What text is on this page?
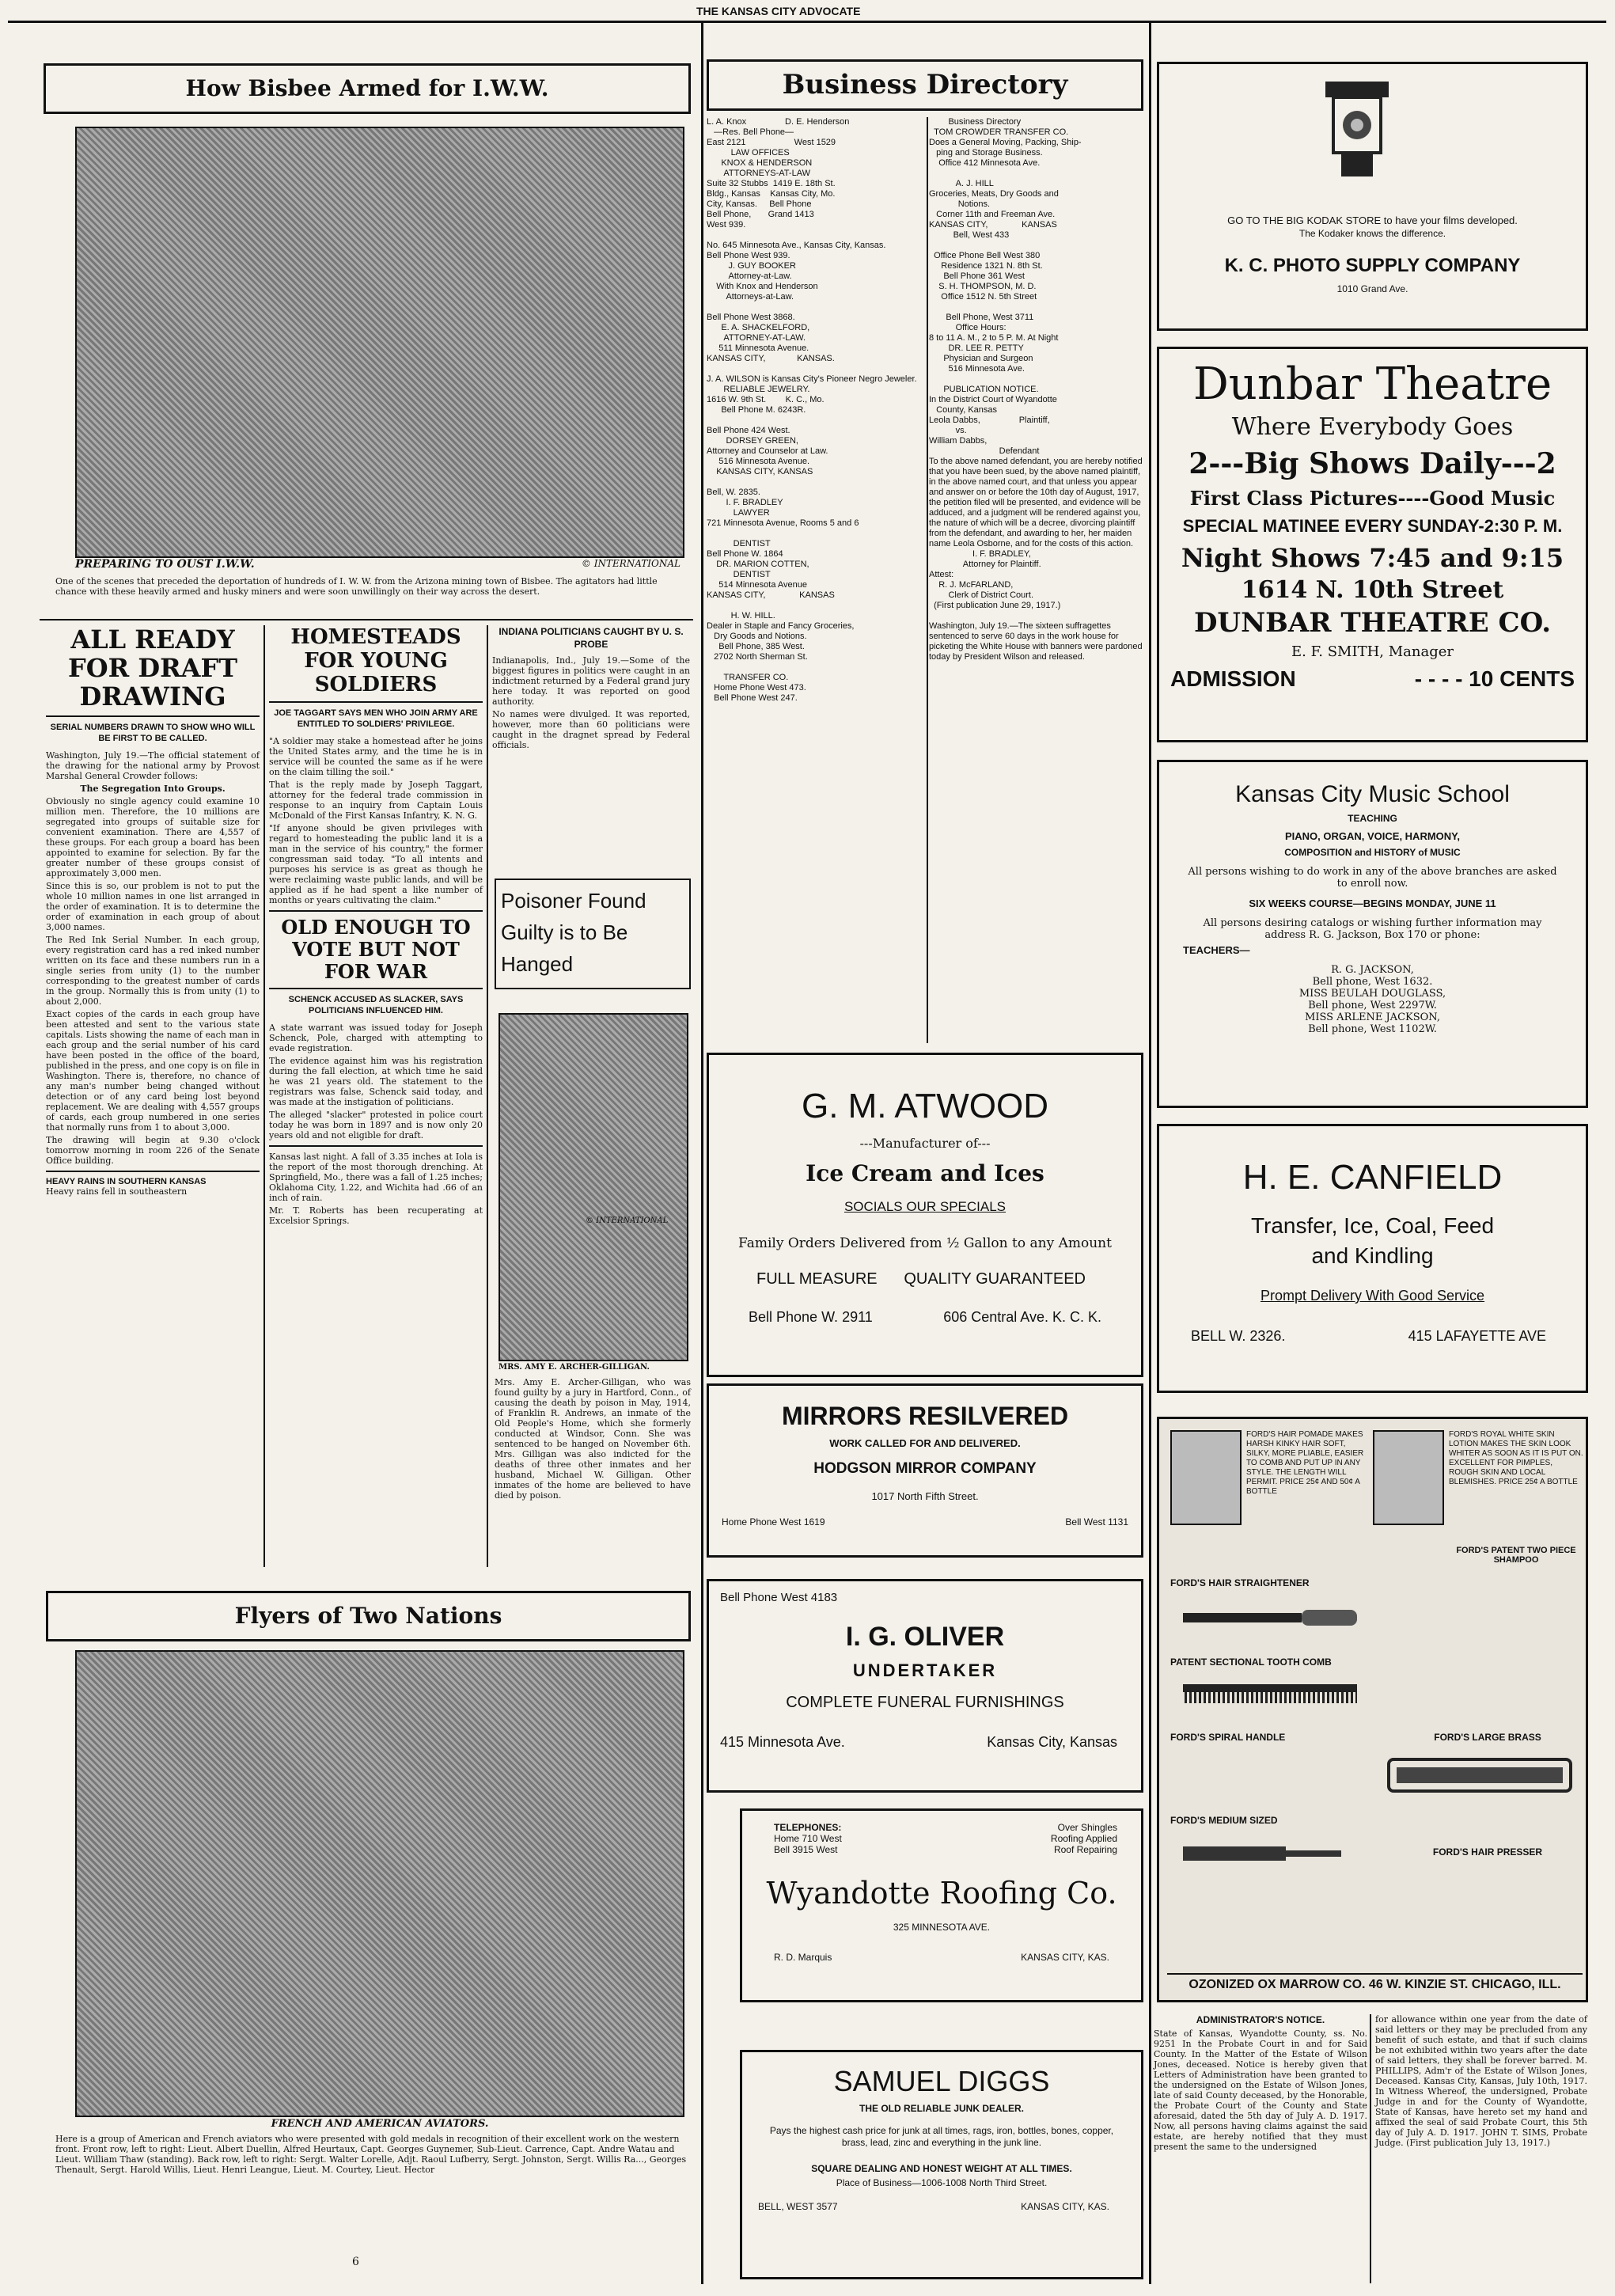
THE KANSAS CITY ADVOCATE
How Bisbee Armed for I.W.W.
PREPARING TO OUST I.W.W.	© INTERNATIONAL
One of the scenes that preceded the deportation of hundreds of I. W. W. from the Arizona mining town of Bisbee. The agitators had little chance with these heavily armed and husky miners and were soon unwillingly on their way across the desert.
ALL READY FOR DRAFT DRAWING
SERIAL NUMBERS DRAWN TO SHOW WHO WILL BE FIRST TO BE CALLED.

Washington, July 19.—The official statement of the drawing for the national army by Provost Marshal General Crowder follows:

The Segregation Into Groups.

Obviously no single agency could examine 10 million men. Therefore, the 10 millions are segregated into groups of suitable size for convenient examination. There are 4,557 of these groups. For each group a board has been appointed to examine for selection. By far the greater number of these groups consist of approximately 3,000 men.

Since this is so, our problem is not to put the whole 10 million names in one list arranged in the order of examination. It is to determine the order of examination in each group of about 3,000 names.

The Red Ink Serial Number. In each group, every registration card has a red inked number written on its face and these numbers run in a single series from unity (1) to the number corresponding to the greatest number of cards in the group. Normally this is from unity (1) to about 2,000.

Exact copies of the cards in each group have been attested and sent to the various state capitals. Lists showing the name of each man in each group and the serial number of his card have been posted in the office of the board, published in the press, and one copy is on file in Washington. There is, therefore, no chance of any man's number being changed without detection or of any card being lost beyond replacement. We are dealing with 4,557 groups of cards, each group numbered in one series that normally runs from 1 to about 3,000.

The drawing will begin at 9.30 o'clock tomorrow morning in room 226 of the Senate Office building.

HEAVY RAINS IN SOUTHERN KANSAS

Heavy rains fell in southeastern

HOMESTEADS FOR YOUNG SOLDIERS
JOE TAGGART SAYS MEN WHO JOIN ARMY ARE ENTITLED TO SOLDIERS' PRIVILEGE.

"A soldier may stake a homestead after he joins the United States army, and the time he is in service will be counted the same as if he were on the claim tilling the soil."

That is the reply made by Joseph Taggart, attorney for the federal trade commission in response to an inquiry from Captain Louis McDonald of the First Kansas Infantry, K. N. G.

"If anyone should be given privileges with regard to homesteading the public land it is a man in the service of his country," the former congressman said today. "To all intents and purposes his service is as great as though he were reclaiming waste public lands, and will be applied as if he had spent a like number of months or years cultivating the claim."

OLD ENOUGH TO VOTE BUT NOT FOR WAR
SCHENCK ACCUSED AS SLACKER, SAYS POLITICIANS INFLUENCED HIM.

A state warrant was issued today for Joseph Schenck, Pole, charged with attempting to evade registration.

The evidence against him was his registration during the fall election, at which time he said he was 21 years old. The statement to the registrars was false, Schenck said today, and was made at the instigation of politicians.

The alleged "slacker" protested in police court today he was born in 1897 and is now only 20 years old and not eligible for draft.

Kansas last night. A fall of 3.35 inches at Iola is the report of the most thorough drenching. At Springfield, Mo., there was a fall of 1.25 inches; Oklahoma City, 1.22, and Wichita had .66 of an inch of rain.

Mr. T. Roberts has been recuperating at Excelsior Springs.

INDIANA POLITICIANS CAUGHT BY U. S. PROBE

Indianapolis, Ind., July 19.—Some of the biggest figures in politics were caught in an indictment returned by a Federal grand jury here today. It was reported on good authority.

No names were divulged. It was reported, however, more than 60 politicians were caught in the dragnet spread by Federal officials.

Poisoner Found Guilty is to Be Hanged
© INTERNATIONAL
MRS. AMY E. ARCHER-GILLIGAN.
Mrs. Amy E. Archer-Gilligan, who was found guilty by a jury in Hartford, Conn., of causing the death by poison in May, 1914, of Franklin R. Andrews, an inmate of the Old People's Home, which she formerly conducted at Windsor, Conn. She was sentenced to be hanged on November 6th. Mrs. Gilligan was also indicted for the deaths of three other inmates and her husband, Michael W. Gilligan. Other inmates of the home are believed to have died by poison.
Flyers of Two Nations
FRENCH AND AMERICAN AVIATORS.
Here is a group of American and French aviators who were presented with gold medals in recognition of their excellent work on the western front. Front row, left to right: Lieut. Albert Duellin, Alfred Heurtaux, Capt. Georges Guynemer, Sub-Lieut. Carrence, Capt. Andre Watau and Lieut. William Thaw (standing). Back row, left to right: Sergt. Walter Lorelle, Adjt. Raoul Lufberry, Sergt. Johnston, Sergt. Willis Ra..., Georges Thenault, Sergt. Harold Willis, Lieut. Henri Leangue, Lieut. M. Courtey, Lieut. Hector
6
Business Directory
L. A. Knox                D. E. Henderson
—Res. Bell Phone—
East 2121                    West 1529
LAW OFFICES
KNOX & HENDERSON
ATTORNEYS-AT-LAW
Suite 32 Stubbs  1419 E. 18th St.
Bldg., Kansas    Kansas City, Mo.
City, Kansas.     Bell Phone
Bell Phone,       Grand 1413
West 939.

No. 645 Minnesota Ave., Kansas City, Kansas.
Bell Phone West 939.
J. GUY BOOKER
Attorney-at-Law.
With Knox and Henderson
Attorneys-at-Law.

Bell Phone West 3868.
E. A. SHACKELFORD,
ATTORNEY-AT-LAW.
511 Minnesota Avenue.
KANSAS CITY,             KANSAS.

J. A. WILSON is Kansas City's Pioneer Negro Jeweler.
RELIABLE JEWELRY.
1616 W. 9th St.        K. C., Mo.
Bell Phone M. 6243R.

Bell Phone 424 West.
DORSEY GREEN,
Attorney and Counselor at Law.
516 Minnesota Avenue.
KANSAS CITY, KANSAS

Bell, W. 2835.
I. F. BRADLEY
LAWYER
721 Minnesota Avenue, Rooms 5 and 6

DENTIST
Bell Phone W. 1864
DR. MARION COTTEN,
DENTIST
514 Minnesota Avenue
KANSAS CITY,              KANSAS

H. W. HILL.
Dealer in Staple and Fancy Groceries,
Dry Goods and Notions.
Bell Phone, 385 West.
2702 North Sherman St.

TRANSFER CO.
Home Phone West 473.
Bell Phone West 247.
Business Directory
TOM CROWDER TRANSFER CO.
Does a General Moving, Packing, Ship-
ping and Storage Business.
Office 412 Minnesota Ave.

A. J. HILL
Groceries, Meats, Dry Goods and
Notions.
Corner 11th and Freeman Ave.
KANSAS CITY,              KANSAS
Bell, West 433

Office Phone Bell West 380
Residence 1321 N. 8th St.
Bell Phone 361 West
S. H. THOMPSON, M. D.
Office 1512 N. 5th Street

Bell Phone, West 3711
Office Hours:
8 to 11 A. M., 2 to 5 P. M. At Night
DR. LEE R. PETTY
Physician and Surgeon
516 Minnesota Ave.

PUBLICATION NOTICE.
In the District Court of Wyandotte
County, Kansas
Leola Dabbs,                Plaintiff,
vs.
William Dabbs,
Defendant
To the above named defendant, you are hereby notified that you have been sued, by the above named plaintiff, in the above named court, and that unless you appear and answer on or before the 10th day of August, 1917, the petition filed will be presented, and evidence will be adduced, and a judgment will be rendered against you, the nature of which will be a decree, divorcing plaintiff from the defendant, and awarding to her, her maiden name Leola Osborne, and for the costs of this action.
I. F. BRADLEY,
Attorney for Plaintiff.
Attest:
R. J. McFARLAND,
Clerk of District Court.
(First publication June 29, 1917.)

Washington, July 19.—The sixteen suffragettes sentenced to serve 60 days in the work house for picketing the White House with banners were pardoned today by President Wilson and released.
G. M. ATWOOD
---Manufacturer of---
Ice Cream and Ices
SOCIALS OUR SPECIALS
Family Orders Delivered from ½ Gallon to any Amount
FULL MEASURE QUALITY GUARANTEED
Bell Phone W. 2911	606 Central Ave. K. C. K.
MIRRORS RESILVERED
WORK CALLED FOR AND DELIVERED.
HODGSON MIRROR COMPANY
1017 North Fifth Street.
Home Phone West 1619	Bell West 1131
Bell Phone West 4183
I. G. OLIVER
UNDERTAKER
COMPLETE FUNERAL FURNISHINGS
415 Minnesota Ave.	Kansas City, Kansas
TELEPHONES:
Home 710 West
Bell 3915 West
Over Shingles
Roofing Applied
Roof Repairing
Wyandotte Roofing Co.
325 MINNESOTA AVE.
R. D. Marquis	KANSAS CITY, KAS.
SAMUEL DIGGS
THE OLD RELIABLE JUNK DEALER.
Pays the highest cash price for junk at all times, rags, iron, bottles, bones, copper, brass, lead, zinc and everything in the junk line.
SQUARE DEALING AND HONEST WEIGHT AT ALL TIMES.
Place of Business—1006-1008 North Third Street.
BELL, WEST 3577	KANSAS CITY, KAS.
GO TO THE BIG KODAK STORE to have your films developed.
The Kodaker knows the difference.
K. C. PHOTO SUPPLY COMPANY
1010 Grand Ave.
Dunbar Theatre
Where Everybody Goes
2---Big Shows Daily---2
First Class Pictures----Good Music
SPECIAL MATINEE EVERY SUNDAY-2:30 P. M.
Night Shows 7:45 and 9:15
1614 N. 10th Street
DUNBAR THEATRE CO.
E. F. SMITH, Manager
ADMISSION	- - - - 10 CENTS
Kansas City Music School
TEACHING
PIANO, ORGAN, VOICE, HARMONY,
COMPOSITION and HISTORY of MUSIC
All persons wishing to do work in any of the above branches are asked to enroll now.
SIX WEEKS COURSE—BEGINS MONDAY, JUNE 11
All persons desiring catalogs or wishing further information may address R. G. Jackson, Box 170 or phone:
TEACHERS—
R. G. JACKSON,
Bell phone, West 1632.
MISS BEULAH DOUGLASS,
Bell phone, West 2297W.
MISS ARLENE JACKSON,
Bell phone, West 1102W.
H. E. CANFIELD
Transfer, Ice, Coal, Feed
and Kindling
Prompt Delivery With Good Service
BELL W. 2326.	415 LAFAYETTE AVE
FORD'S HAIR POMADE MAKES HARSH KINKY HAIR SOFT, SILKY, MORE PLIABLE, EASIER TO COMB AND PUT UP IN ANY STYLE. THE LENGTH WILL PERMIT. PRICE 25¢ AND 50¢ A BOTTLE
FORD'S ROYAL WHITE SKIN LOTION MAKES THE SKIN LOOK WHITER AS SOON AS IT IS PUT ON. EXCELLENT FOR PIMPLES, ROUGH SKIN AND LOCAL BLEMISHES. PRICE 25¢ A BOTTLE
FORD'S PATENT TWO PIECE SHAMPOO
FORD'S HAIR STRAIGHTENER
PATENT SECTIONAL TOOTH COMB
FORD'S SPIRAL HANDLE	FORD'S LARGE BRASS
FORD'S MEDIUM SIZED
FORD'S HAIR PRESSER
OZONIZED OX MARROW CO. 46 W. KINZIE ST. CHICAGO, ILL.
ADMINISTRATOR'S NOTICE.

State of Kansas, Wyandotte County, ss. No. 9251 In the Probate Court in and for Said County. In the Matter of the Estate of Wilson Jones, deceased. Notice is hereby given that Letters of Administration have been granted to the undersigned on the Estate of Wilson Jones, late of said County deceased, by the Honorable, the Probate Court of the County and State aforesaid, dated the 5th day of July A. D. 1917. Now, all persons having claims against the said estate, are hereby notified that they must present the same to the undersigned

for allowance within one year from the date of said letters or they may be precluded from any benefit of such estate, and that if such claims be not exhibited within two years after the date of said letters, they shall be forever barred. M. PHILLIPS, Adm'r of the Estate of Wilson Jones, Deceased. Kansas City, Kansas, July 10th, 1917. In Witness Whereof, the undersigned, Probate Judge in and for the County of Wyandotte, State of Kansas, have hereto set my hand and affixed the seal of said Probate Court, this 5th day of July A. D. 1917. JOHN T. SIMS, Probate Judge. (First publication July 13, 1917.)
